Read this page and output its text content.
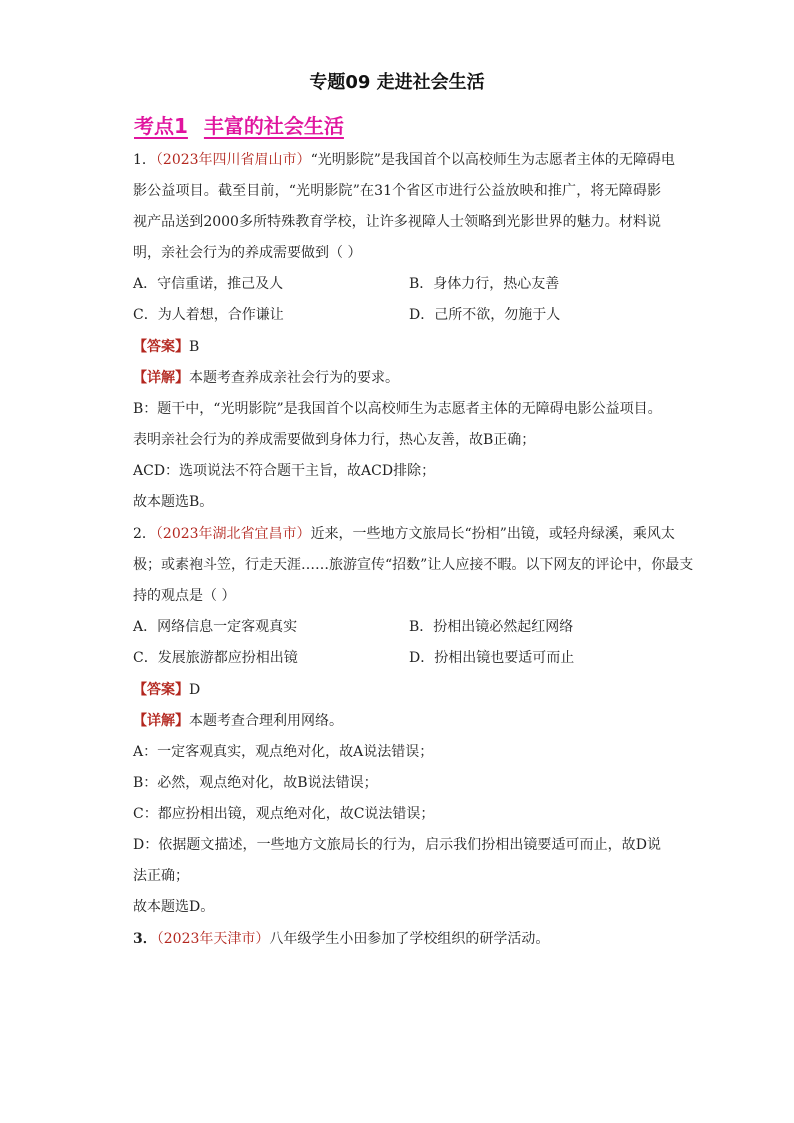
专题09 走进社会生活
考点1 丰富的社会生活
1．（2023年四川省眉山市）“光明影院”是我国首个以高校师生为志愿者主体的无障碍电
影公益项目。截至目前，“光明影院”在31个省区市进行公益放映和推广，将无障碍影
视产品送到2000多所特殊教育学校，让许多视障人士领略到光影世界的魅力。材料说
明，亲社会行为的养成需要做到（ ）
A．守信重诺，推己及人	B．身体力行，热心友善
C．为人着想，合作谦让	D．己所不欲，勿施于人
【答案】B
【详解】本题考查养成亲社会行为的要求。
B：题干中，“光明影院”是我国首个以高校师生为志愿者主体的无障碍电影公益项目。
表明亲社会行为的养成需要做到身体力行，热心友善，故B正确；
ACD：选项说法不符合题干主旨，故ACD排除；
故本题选B。
2．（2023年湖北省宜昌市）近来，一些地方文旅局长“扮相”出镜，或轻舟绿溪，乘风太
极；或素袍斗笠，行走天涯……旅游宣传“招数”让人应接不暇。以下网友的评论中，你最支
持的观点是（ ）
A．网络信息一定客观真实	B．扮相出镜必然起红网络
C．发展旅游都应扮相出镜	D．扮相出镜也要适可而止
【答案】D
【详解】本题考查合理利用网络。
A：一定客观真实，观点绝对化，故A说法错误；
B：必然，观点绝对化，故B说法错误；
C：都应扮相出镜，观点绝对化，故C说法错误；
D：依据题文描述，一些地方文旅局长的行为，启示我们扮相出镜要适可而止，故D说
法正确；
故本题选D。
3．（2023年天津市）八年级学生小田参加了学校组织的研学活动。
